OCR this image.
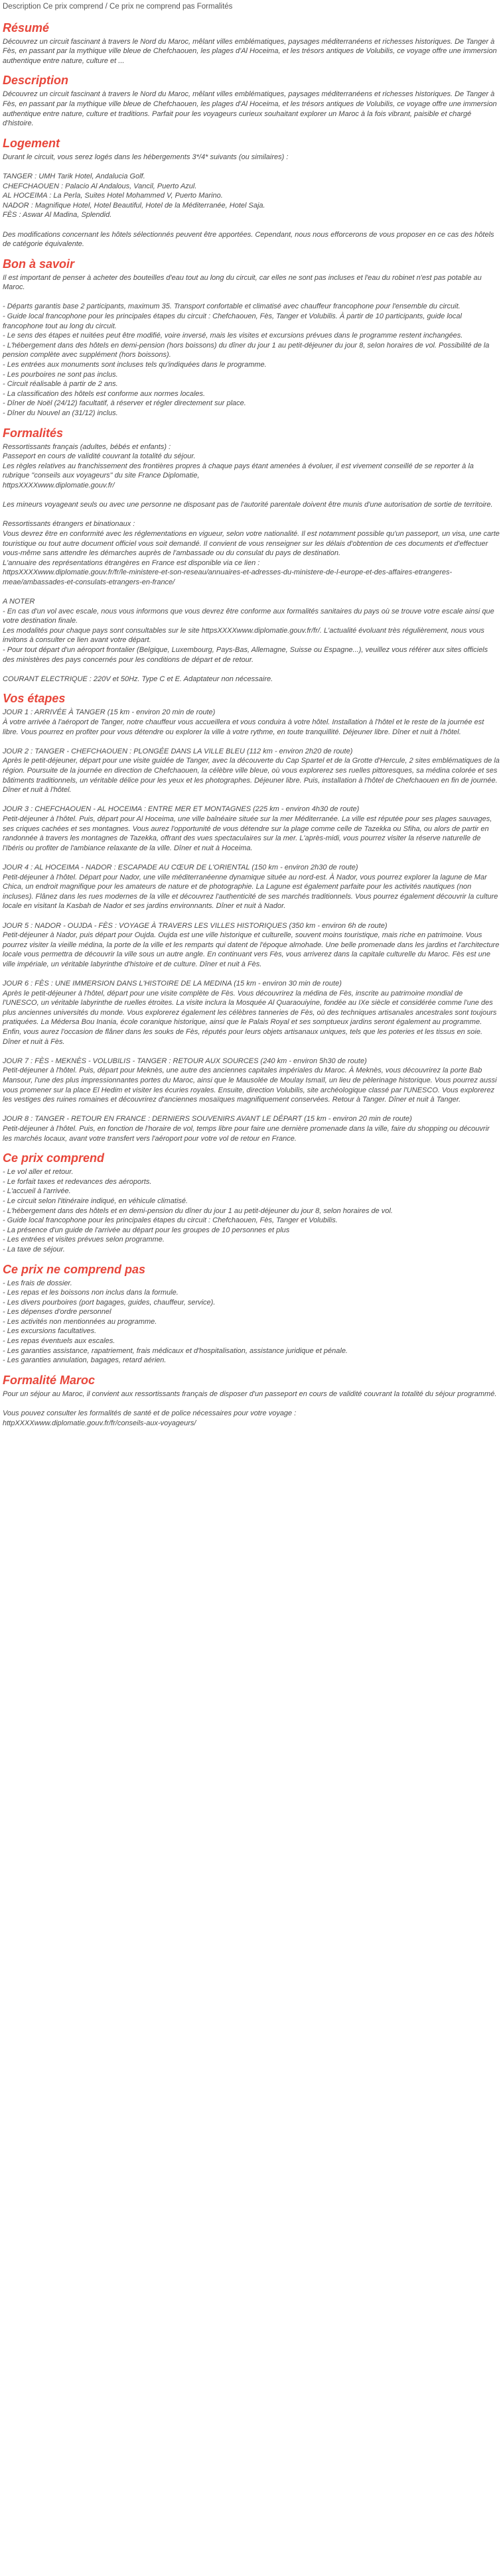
Description Ce prix comprend / Ce prix ne comprend pas Formalités
Résumé
Découvrez un circuit fascinant à travers le Nord du Maroc, mêlant villes emblématiques, paysages méditerranéens et richesses historiques. De Tanger à Fès, en passant par la mythique ville bleue de Chefchaouen, les plages d'Al Hoceima, et les trésors antiques de Volubilis, ce voyage offre une immersion authentique entre nature, culture et ...
Description
Découvrez un circuit fascinant à travers le Nord du Maroc, mêlant villes emblématiques, paysages méditerranéens et richesses historiques. De Tanger à Fès, en passant par la mythique ville bleue de Chefchaouen, les plages d'Al Hoceima, et les trésors antiques de Volubilis, ce voyage offre une immersion authentique entre nature, culture et traditions. Parfait pour les voyageurs curieux souhaitant explorer un Maroc à la fois vibrant, paisible et chargé d'histoire.
Logement
Durant le circuit, vous serez logés dans les hébergements 3*/4* suivants (ou similaires) :
TANGER : UMH Tarik Hotel, Andalucia Golf.
CHEFCHAOUEN : Palacio Al Andalous, Vancil, Puerto Azul.
AL HOCEIMA : La Perla, Suites Hotel Mohammed V, Puerto Marino.
NADOR : Magnifique Hotel, Hotel Beautiful, Hotel de la Méditerranée, Hotel Saja.
FÈS : Aswar Al Madina, Splendid.
Des modifications concernant les hôtels sélectionnés peuvent être apportées. Cependant, nous nous efforcerons de vous proposer en ce cas des hôtels de catégorie équivalente.
Bon à savoir
Il est important de penser à acheter des bouteilles d'eau tout au long du circuit, car elles ne sont pas incluses et l'eau du robinet n'est pas potable au Maroc.
- Départs garantis base 2 participants, maximum 35. Transport confortable et climatisé avec chauffeur francophone pour l'ensemble du circuit.
- Guide local francophone pour les principales étapes du circuit : Chefchaouen, Fès, Tanger et Volubilis. À partir de 10 participants, guide local francophone tout au long du circuit.
- Le sens des étapes et nuitées peut être modifié, voire inversé, mais les visites et excursions prévues dans le programme restent inchangées.
- L'hébergement dans des hôtels en demi-pension (hors boissons) du dîner du jour 1 au petit-déjeuner du jour 8, selon horaires de vol. Possibilité de la pension complète avec supplément (hors boissons).
- Les entrées aux monuments sont incluses tels qu'indiquées dans le programme.
- Les pourboires ne sont pas inclus.
- Circuit réalisable à partir de 2 ans.
- La classification des hôtels est conforme aux normes locales.
- Dîner de Noël (24/12) facultatif, à réserver et régler directement sur place.
- Dîner du Nouvel an (31/12) inclus.
Formalités
Ressortissants français (adultes, bébés et enfants) :
Passeport en cours de validité couvrant la totalité du séjour.
Les règles relatives au franchissement des frontières propres à chaque pays étant amenées à évoluer, il est vivement conseillé de se reporter à la rubrique "conseils aux voyageurs" du site France Diplomatie,
httpsXXXXwww.diplomatie.gouv.fr/
Les mineurs voyageant seuls ou avec une personne ne disposant pas de l'autorité parentale doivent être munis d'une autorisation de sortie de territoire.
Ressortissants étrangers et binationaux :
Vous devrez être en conformité avec les réglementations en vigueur, selon votre nationalité. Il est notamment possible qu'un passeport, un visa, une carte touristique ou tout autre document officiel vous soit demandé. Il convient de vous renseigner sur les délais d'obtention de ces documents et d'effectuer vous-même sans attendre les démarches auprès de l'ambassade ou du consulat du pays de destination.
L'annuaire des représentations étrangères en France est disponible via ce lien :
httpsXXXXwww.diplomatie.gouv.fr/fr/le-ministere-et-son-reseau/annuaires-et-adresses-du-ministere-de-l-europe-et-des-affaires-etrangeres-meae/ambassades-et-consulats-etrangers-en-france/
A NOTER
- En cas d'un vol avec escale, nous vous informons que vous devrez être conforme aux formalités sanitaires du pays où se trouve votre escale ainsi que votre destination finale.
Les modalités pour chaque pays sont consultables sur le site httpsXXXXwww.diplomatie.gouv.fr/fr/. L'actualité évoluant très régulièrement, nous vous invitons à consulter ce lien avant votre départ.
- Pour tout départ d'un aéroport frontalier (Belgique, Luxembourg, Pays-Bas, Allemagne, Suisse ou Espagne...), veuillez vous référer aux sites officiels des ministères des pays concernés pour les conditions de départ et de retour.
COURANT ELECTRIQUE : 220V et 50Hz. Type C et E. Adaptateur non nécessaire.
Vos étapes
JOUR 1 : ARRIVÉE À TANGER (15 km - environ 20 min de route)
À votre arrivée à l'aéroport de Tanger, notre chauffeur vous accueillera et vous conduira à votre hôtel. Installation à l'hôtel et le reste de la journée est libre. Vous pourrez en profiter pour vous détendre ou explorer la ville à votre rythme, en toute tranquillité. Déjeuner libre. Dîner et nuit à l'hôtel.
JOUR 2 : TANGER - CHEFCHAOUEN : PLONGÉE DANS LA VILLE BLEU (112 km - environ 2h20 de route)
Après le petit-déjeuner, départ pour une visite guidée de Tanger, avec la découverte du Cap Spartel et de la Grotte d'Hercule, 2 sites emblématiques de la région. Poursuite de la journée en direction de Chefchaouen, la célèbre ville bleue, où vous explorerez ses ruelles pittoresques, sa médina colorée et ses bâtiments traditionnels, un véritable délice pour les yeux et les photographes. Déjeuner libre. Puis, installation à l'hôtel de Chefchaouen en fin de journée. Dîner et nuit à l'hôtel.
JOUR 3 : CHEFCHAOUEN - AL HOCEIMA : ENTRE MER ET MONTAGNES (225 km - environ 4h30 de route)
Petit-déjeuner à l'hôtel. Puis, départ pour Al Hoceima, une ville balnéaire située sur la mer Méditerranée. La ville est réputée pour ses plages sauvages, ses criques cachées et ses montagnes. Vous aurez l'opportunité de vous détendre sur la plage comme celle de Tazekka ou Sfiha, ou alors de partir en randonnée à travers les montagnes de Tazekka, offrant des vues spectaculaires sur la mer. L'après-midi, vous pourrez visiter la réserve naturelle de l'Ibéris ou profiter de l'ambiance relaxante de la ville. Dîner et nuit à Hoceima.
JOUR 4 : AL HOCEIMA - NADOR : ESCAPADE AU CŒUR DE L'ORIENTAL (150 km - environ 2h30 de route)
Petit-déjeuner à l'hôtel. Départ pour Nador, une ville méditerranéenne dynamique située au nord-est. À Nador, vous pourrez explorer la lagune de Mar Chica, un endroit magnifique pour les amateurs de nature et de photographie. La Lagune est également parfaite pour les activités nautiques (non incluses). Flânez dans les rues modernes de la ville et découvrez l'authenticité de ses marchés traditionnels. Vous pourrez également découvrir la culture locale en visitant la Kasbah de Nador et ses jardins environnants. Dîner et nuit à Nador.
JOUR 5 : NADOR - OUJDA - FÈS : VOYAGE À TRAVERS LES VILLES HISTORIQUES (350 km - environ 6h de route)
Petit-déjeuner à Nador, puis départ pour Oujda. Oujda est une ville historique et culturelle, souvent moins touristique, mais riche en patrimoine. Vous pourrez visiter la vieille médina, la porte de la ville et les remparts qui datent de l'époque almohade. Une belle promenade dans les jardins et l'architecture locale vous permettra de découvrir la ville sous un autre angle. En continuant vers Fès, vous arriverez dans la capitale culturelle du Maroc. Fès est une ville impériale, un véritable labyrinthe d'histoire et de culture. Dîner et nuit à Fès.
JOUR 6 : FÈS : UNE IMMERSION DANS L'HISTOIRE DE LA MEDINA (15 km - environ 30 min de route)
Après le petit-déjeuner à l'hôtel, départ pour une visite complète de Fès. Vous découvrirez la médina de Fès, inscrite au patrimoine mondial de l'UNESCO, un véritable labyrinthe de ruelles étroites. La visite inclura la Mosquée Al Quaraouiyine, fondée au IXe siècle et considérée comme l'une des plus anciennes universités du monde. Vous explorerez également les célèbres tanneries de Fès, où des techniques artisanales ancestrales sont toujours pratiquées. La Médersa Bou Inania, école coranique historique, ainsi que le Palais Royal et ses somptueux jardins seront également au programme. Enfin, vous aurez l'occasion de flâner dans les souks de Fès, réputés pour leurs objets artisanaux uniques, tels que les poteries et les tissus en soie. Dîner et nuit à Fès.
JOUR 7 : FÈS - MEKNÈS - VOLUBILIS - TANGER : RETOUR AUX SOURCES (240 km - environ 5h30 de route)
Petit-déjeuner à l'hôtel. Puis, départ pour Meknès, une autre des anciennes capitales impériales du Maroc. À Meknès, vous découvrirez la porte Bab Mansour, l'une des plus impressionnantes portes du Maroc, ainsi que le Mausolée de Moulay Ismaïl, un lieu de pèlerinage historique. Vous pourrez aussi vous promener sur la place El Hedim et visiter les écuries royales. Ensuite, direction Volubilis, site archéologique classé par l'UNESCO. Vous explorerez les vestiges des ruines romaines et découvrirez d'anciennes mosaïques magnifiquement conservées. Retour à Tanger. Dîner et nuit à Tanger.
JOUR 8 : TANGER - RETOUR EN FRANCE : DERNIERS SOUVENIRS AVANT LE DÉPART (15 km - environ 20 min de route)
Petit-déjeuner à l'hôtel. Puis, en fonction de l'horaire de vol, temps libre pour faire une dernière promenade dans la ville, faire du shopping ou découvrir les marchés locaux, avant votre transfert vers l'aéroport pour votre vol de retour en France.
Ce prix comprend
- Le vol aller et retour.
- Le forfait taxes et redevances des aéroports.
- L'accueil à l'arrivée.
- Le circuit selon l'itinéraire indiqué, en véhicule climatisé.
- L'hébergement dans des hôtels et en demi-pension du dîner du jour 1 au petit-déjeuner du jour 8, selon horaires de vol.
- Guide local francophone pour les principales étapes du circuit : Chefchaouen, Fès, Tanger et Volubilis.
- La présence d'un guide de l'arrivée au départ pour les groupes de 10 personnes et plus
- Les entrées et visites prévues selon programme.
- La taxe de séjour.
Ce prix ne comprend pas
- Les frais de dossier.
- Les repas et les boissons non inclus dans la formule.
- Les divers pourboires (port bagages, guides, chauffeur, service).
- Les dépenses d'ordre personnel
- Les activités non mentionnées au programme.
- Les excursions facultatives.
- Les repas éventuels aux escales.
- Les garanties assistance, rapatriement, frais médicaux et d'hospitalisation, assistance juridique et pénale.
- Les garanties annulation, bagages, retard aérien.
Formalité Maroc
Pour un séjour au Maroc, il convient aux ressortissants français de disposer d'un passeport en cours de validité couvrant la totalité du séjour programmé.
Vous pouvez consulter les formalités de santé et de police nécessaires pour votre voyage :
httpXXXXwww.diplomatie.gouv.fr/fr/conseils-aux-voyageurs/
